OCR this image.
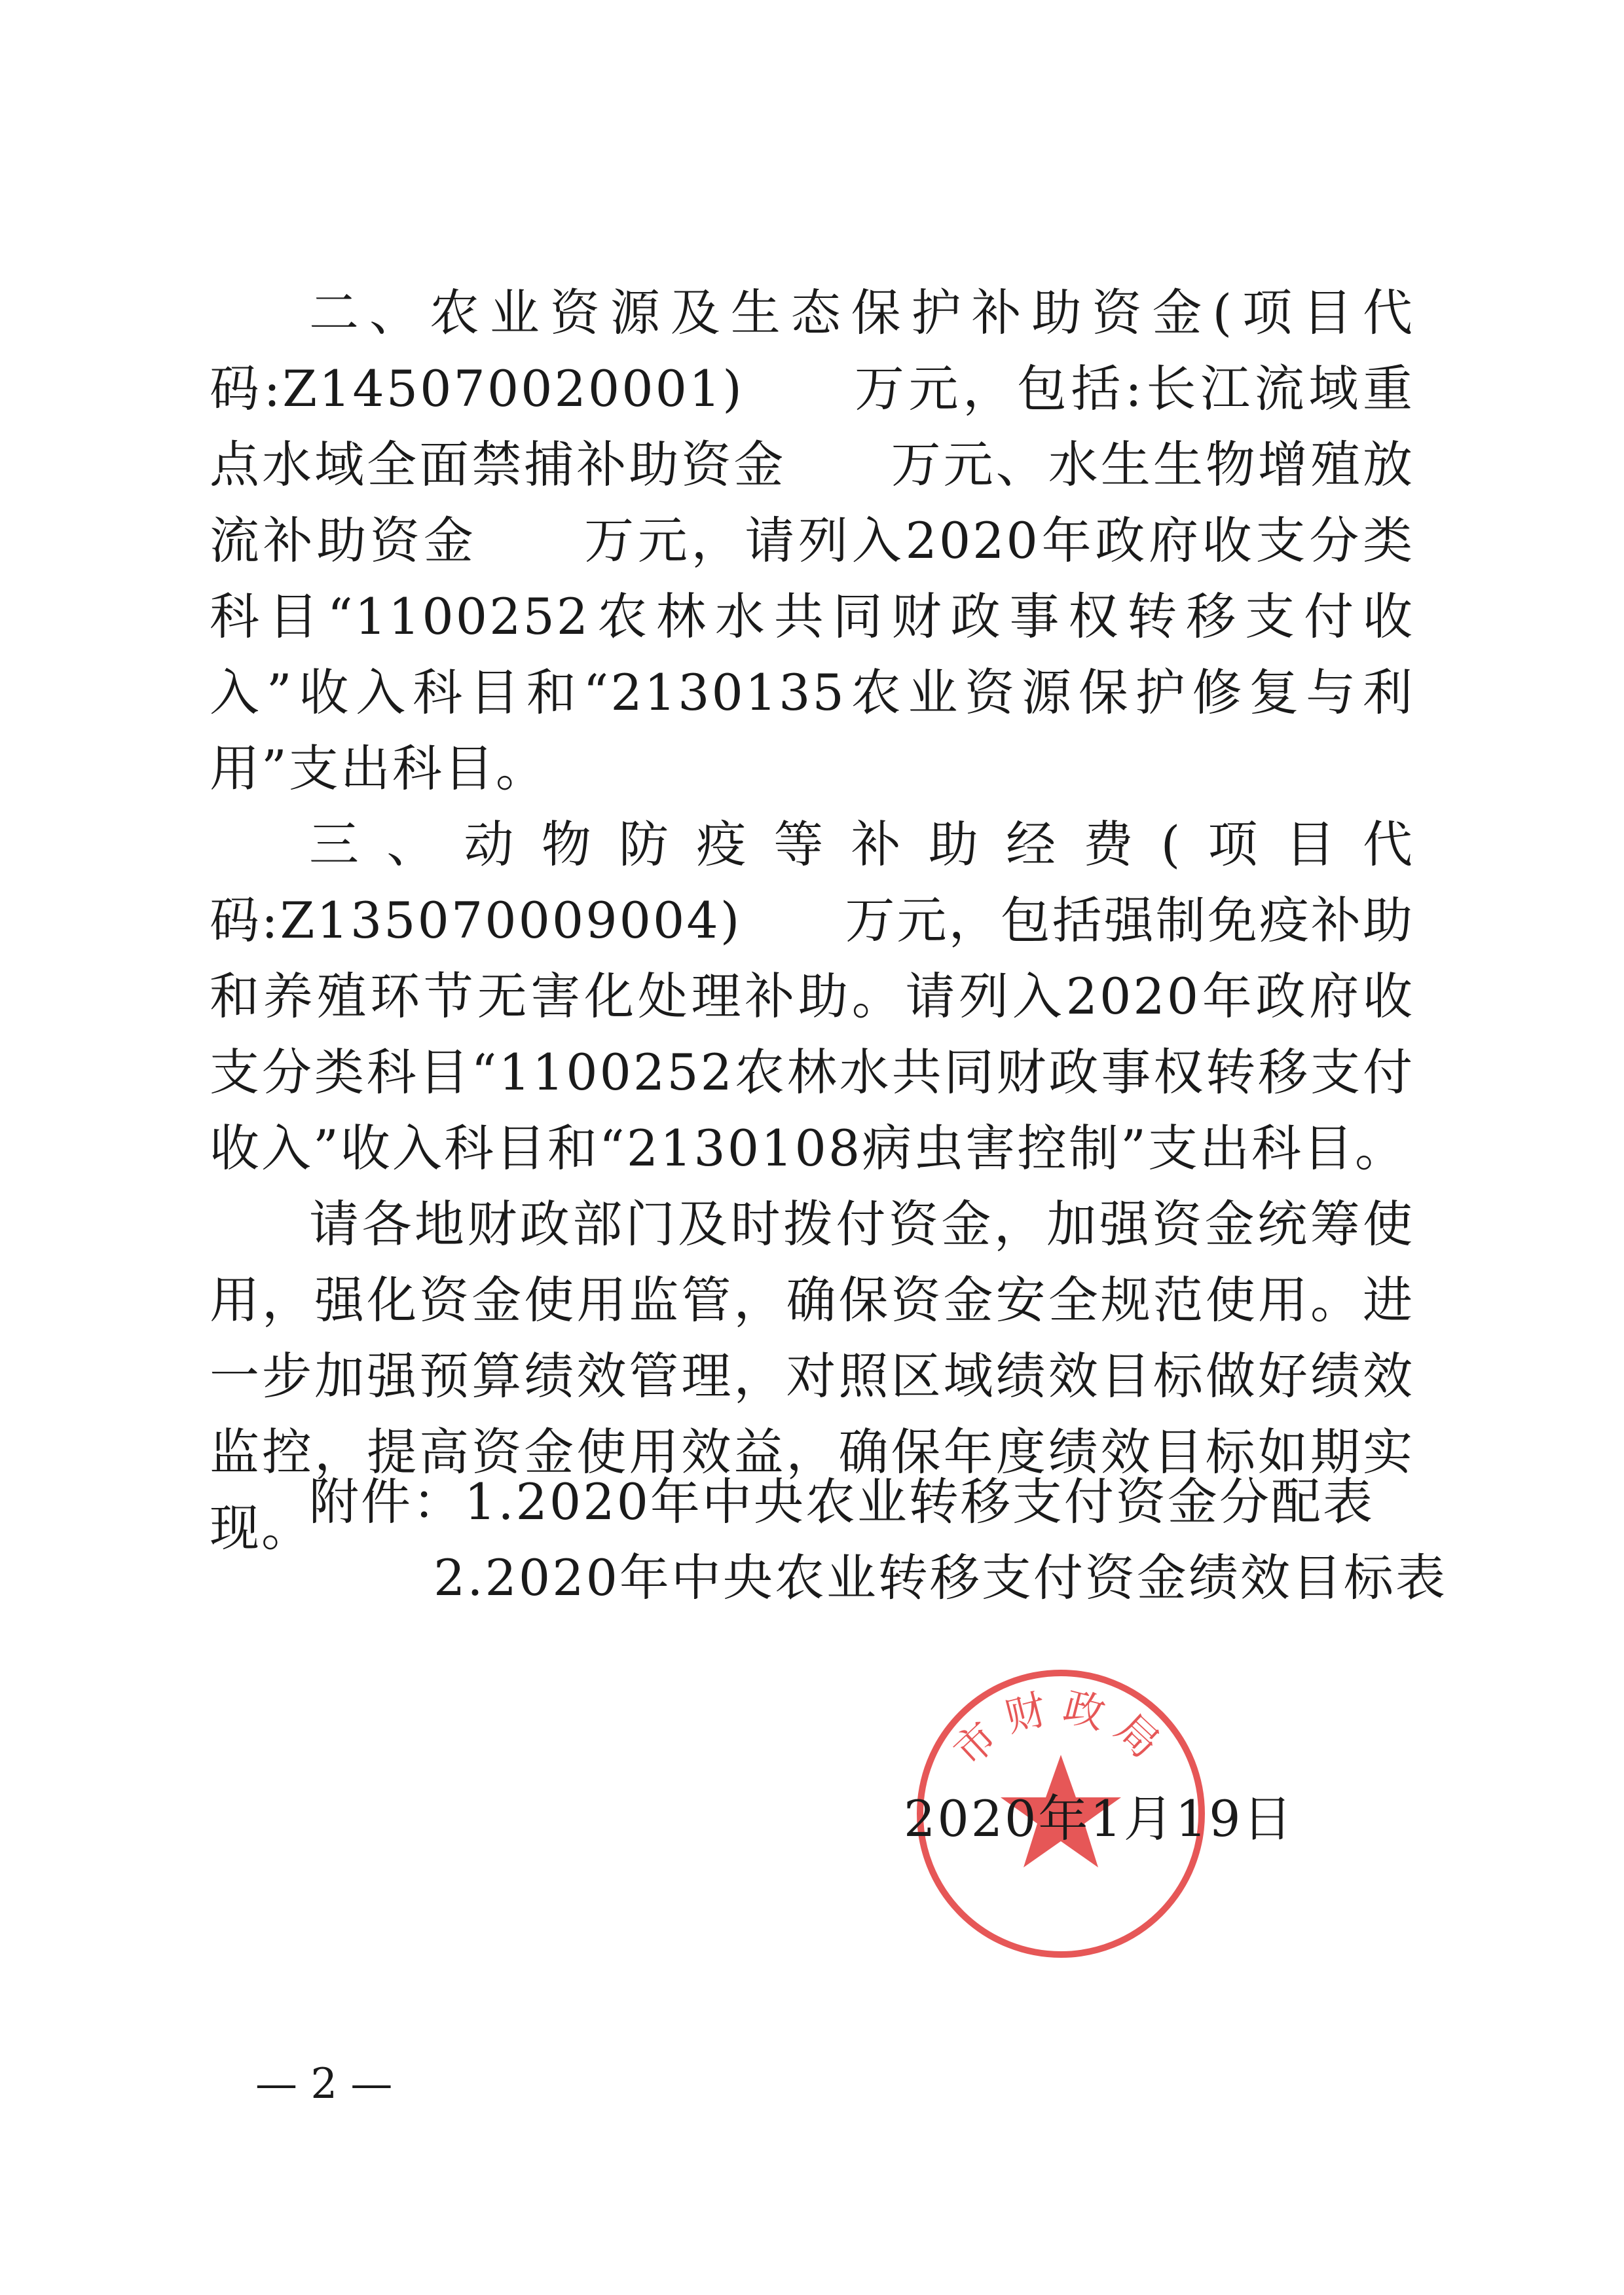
二、农业资源及生态保护补助资金(项目代码:Z145070020001)　　万元，包括:长江流域重点水域全面禁捕补助资金　　万元、水生生物增殖放流补助资金　　万元，请列入2020年政府收支分类科目“1100252农林水共同财政事权转移支付收入”收入科目和“2130135农业资源保护修复与利用”支出科目。

三、动物防疫等补助经费(项目代码:Z135070009004)　　万元，包括强制免疫补助和养殖环节无害化处理补助。请列入2020年政府收支分类科目“1100252农林水共同财政事权转移支付收入”收入科目和“2130108病虫害控制”支出科目。

请各地财政部门及时拨付资金，加强资金统筹使用，强化资金使用监管，确保资金安全规范使用。进一步加强预算绩效管理，对照区域绩效目标做好绩效监控，提高资金使用效益，确保年度绩效目标如期实现。

附件：1.2020年中央农业转移支付资金分配表
2.2020年中央农业转移支付资金绩效目标表
市财政局
2020年1月19日
— 2 —
